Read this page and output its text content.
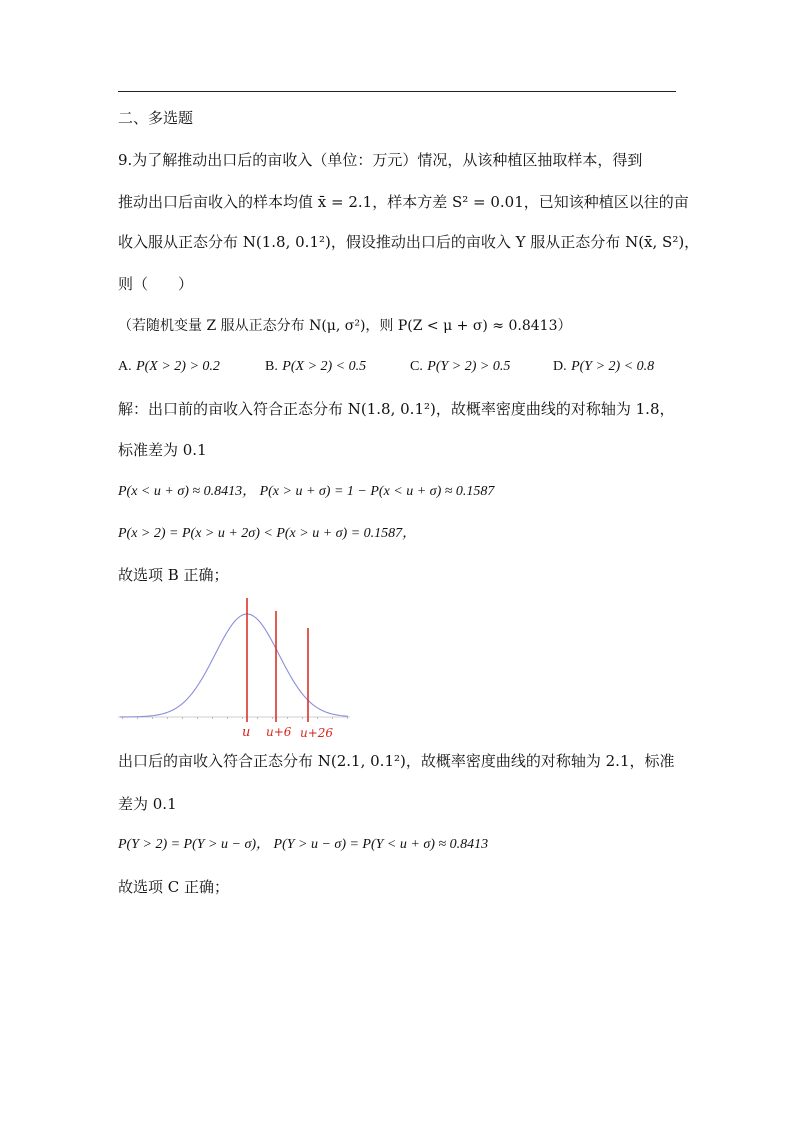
二、多选题
9.为了解推动出口后的亩收入（单位：万元）情况，从该种植区抽取样本，得到
推动出口后亩收入的样本均值 x̄ = 2.1，样本方差 S² = 0.01，已知该种植区以往的亩
收入服从正态分布 N(1.8, 0.1²)，假设推动出口后的亩收入 Y 服从正态分布 N(x̄, S²)，
则（　　）
（若随机变量 Z 服从正态分布 N(μ, σ²)，则 P(Z < μ + σ) ≈ 0.8413）
A. P(X > 2) > 0.2	B. P(X > 2) < 0.5	C. P(Y > 2) > 0.5	D. P(Y > 2) < 0.8
解：出口前的亩收入符合正态分布 N(1.8, 0.1²)，故概率密度曲线的对称轴为 1.8，
标准差为 0.1
P(x < u + σ) ≈ 0.8413， P(x > u + σ) = 1 − P(x < u + σ) ≈ 0.1587
P(x > 2) = P(x > u + 2σ) < P(x > u + σ) = 0.1587，
故选项 B 正确；
u u+6 u+26
出口后的亩收入符合正态分布 N(2.1, 0.1²)，故概率密度曲线的对称轴为 2.1，标准
差为 0.1
P(Y > 2) = P(Y > u − σ)， P(Y > u − σ) = P(Y < u + σ) ≈ 0.8413
故选项 C 正确；
